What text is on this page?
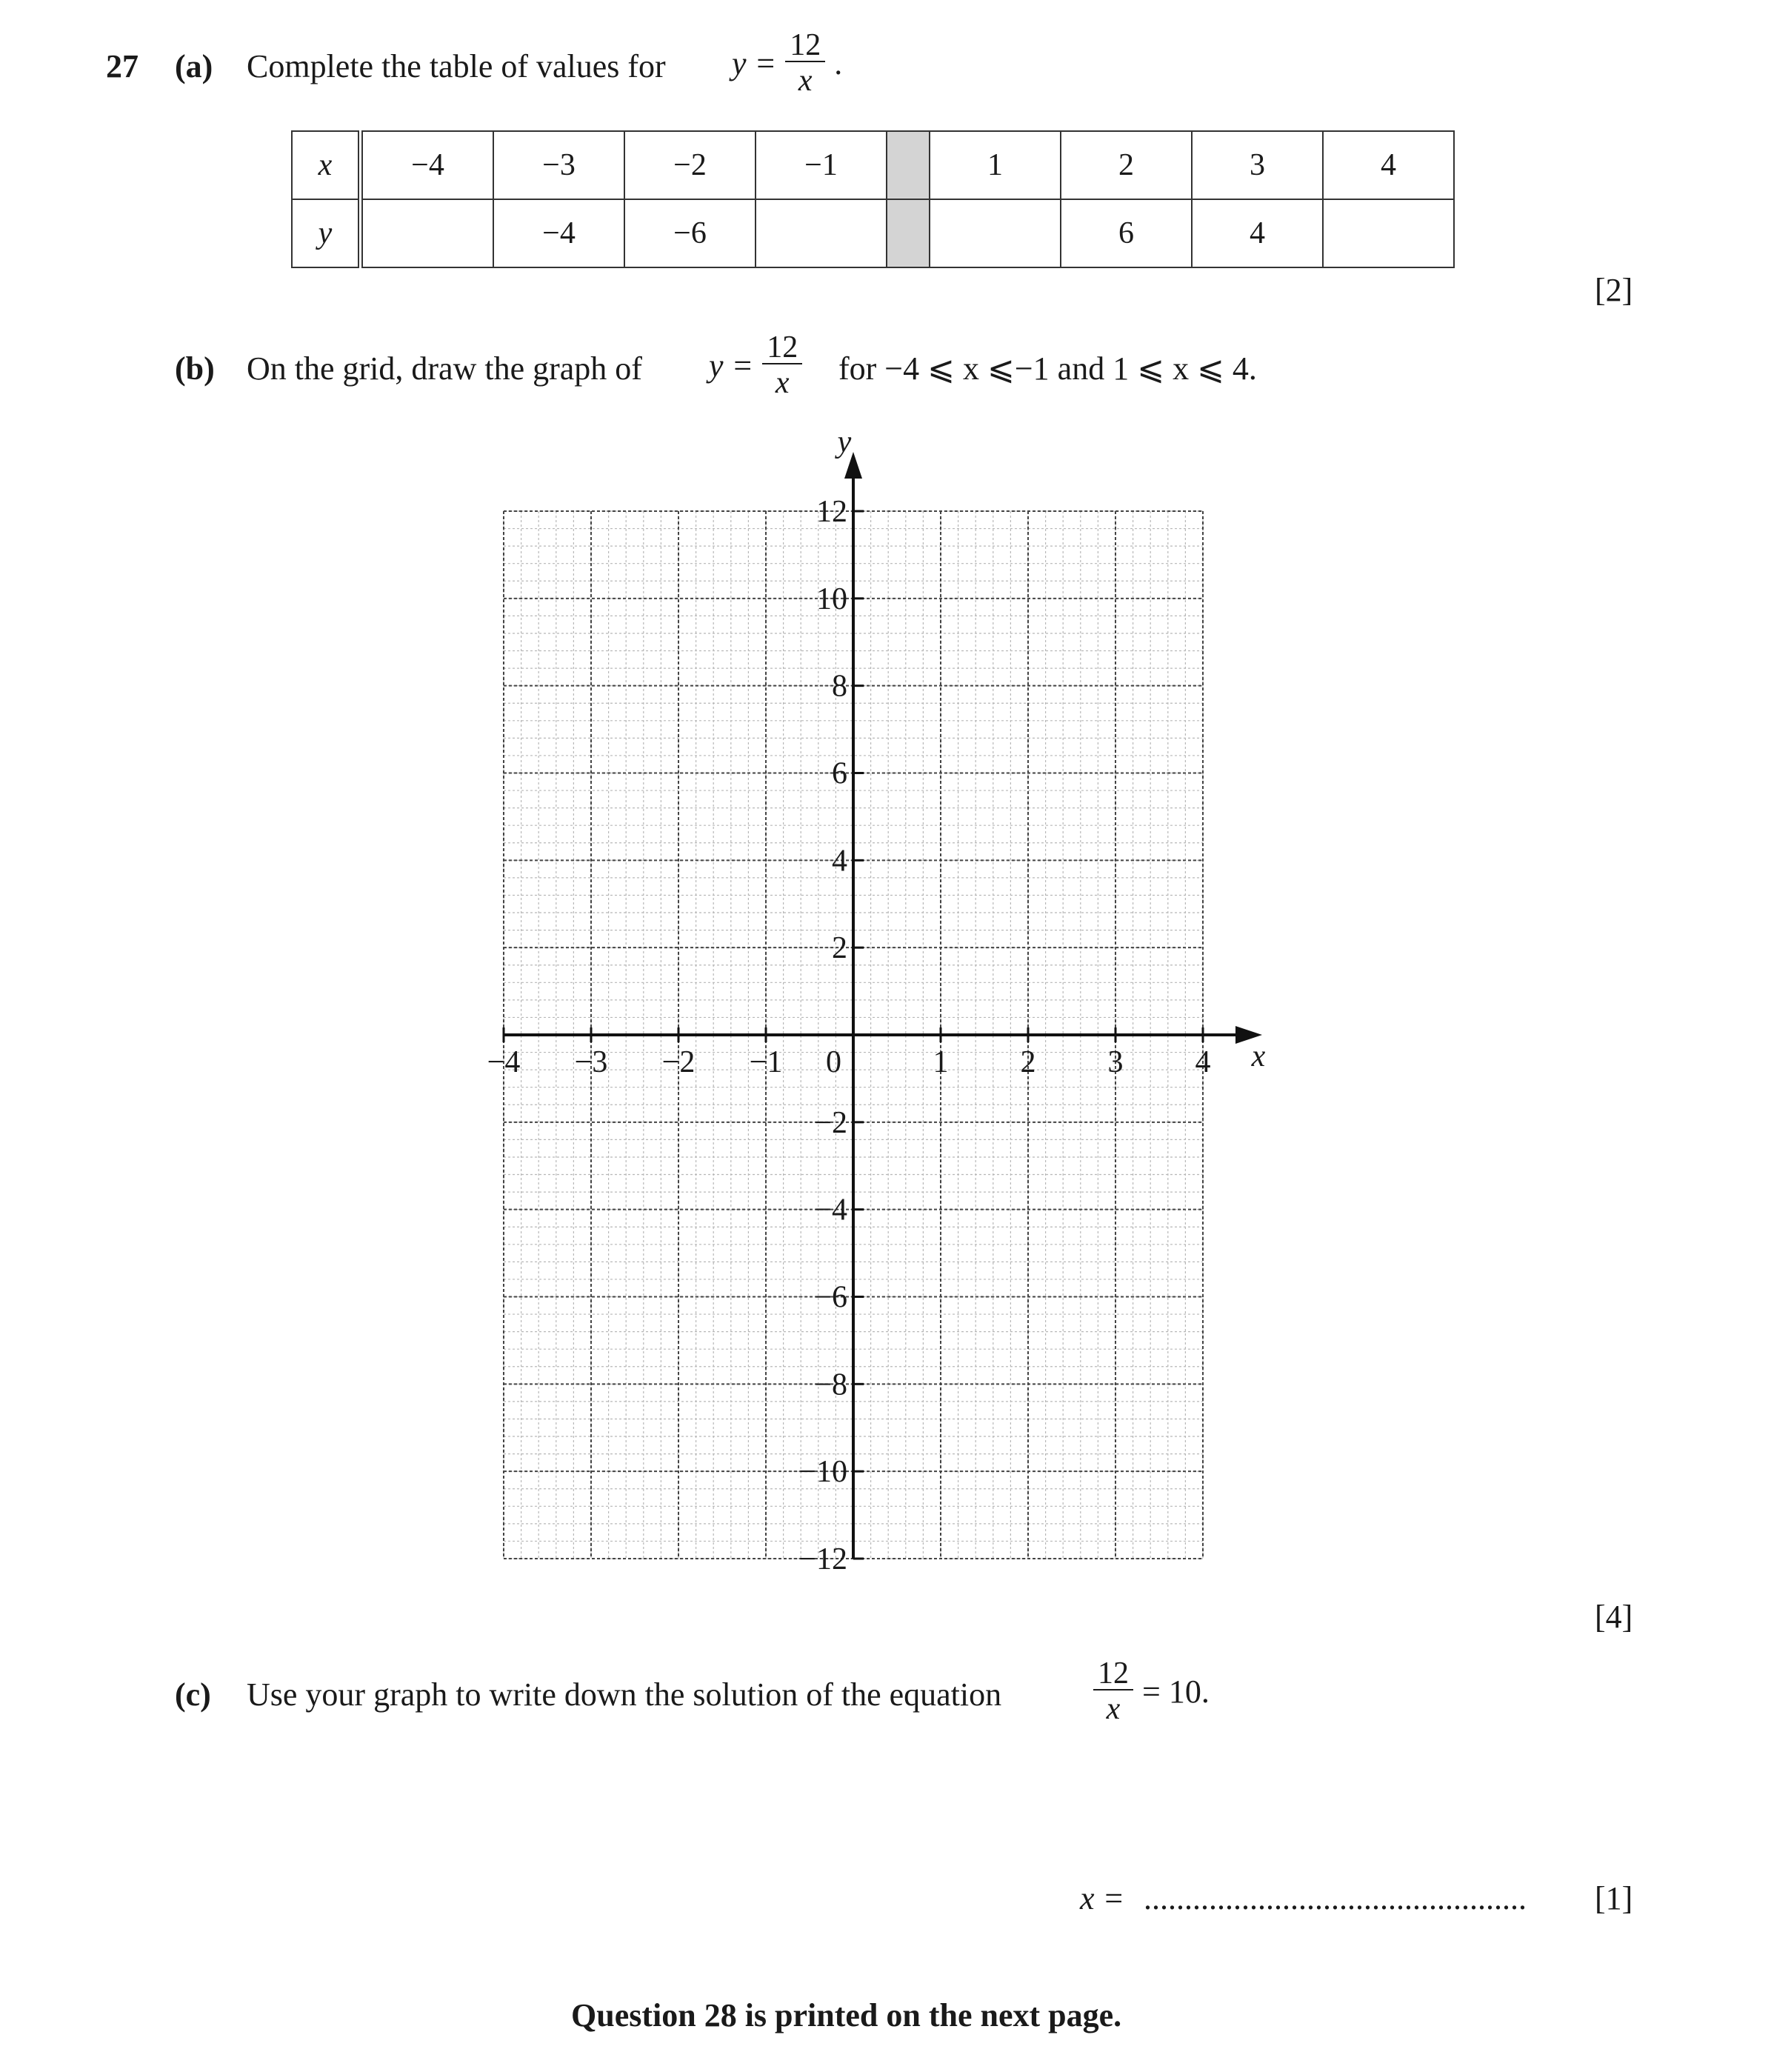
27 (a) Complete the table of values for $y = \frac{12}{x}$ .
x	−4	−3	−2	−1		1	2	3	4
y		−4	−6				6	4	
[2]
(b) On the grid, draw the graph of $y = \frac{12}{x}$ for −4 ⩽ x ⩽−1 and 1 ⩽ x ⩽ 4.
−4 −3 −2 −1	1 2 3 4
12
10
8
6
4
2
−2
−4
−6
−8
−10
−12
0	x
y
[4]
(c) Use your graph to write down the solution of the equation	$\frac{12}{x} = 10$.
x = ...............................................	[1]
Question 28 is printed on the next page.
